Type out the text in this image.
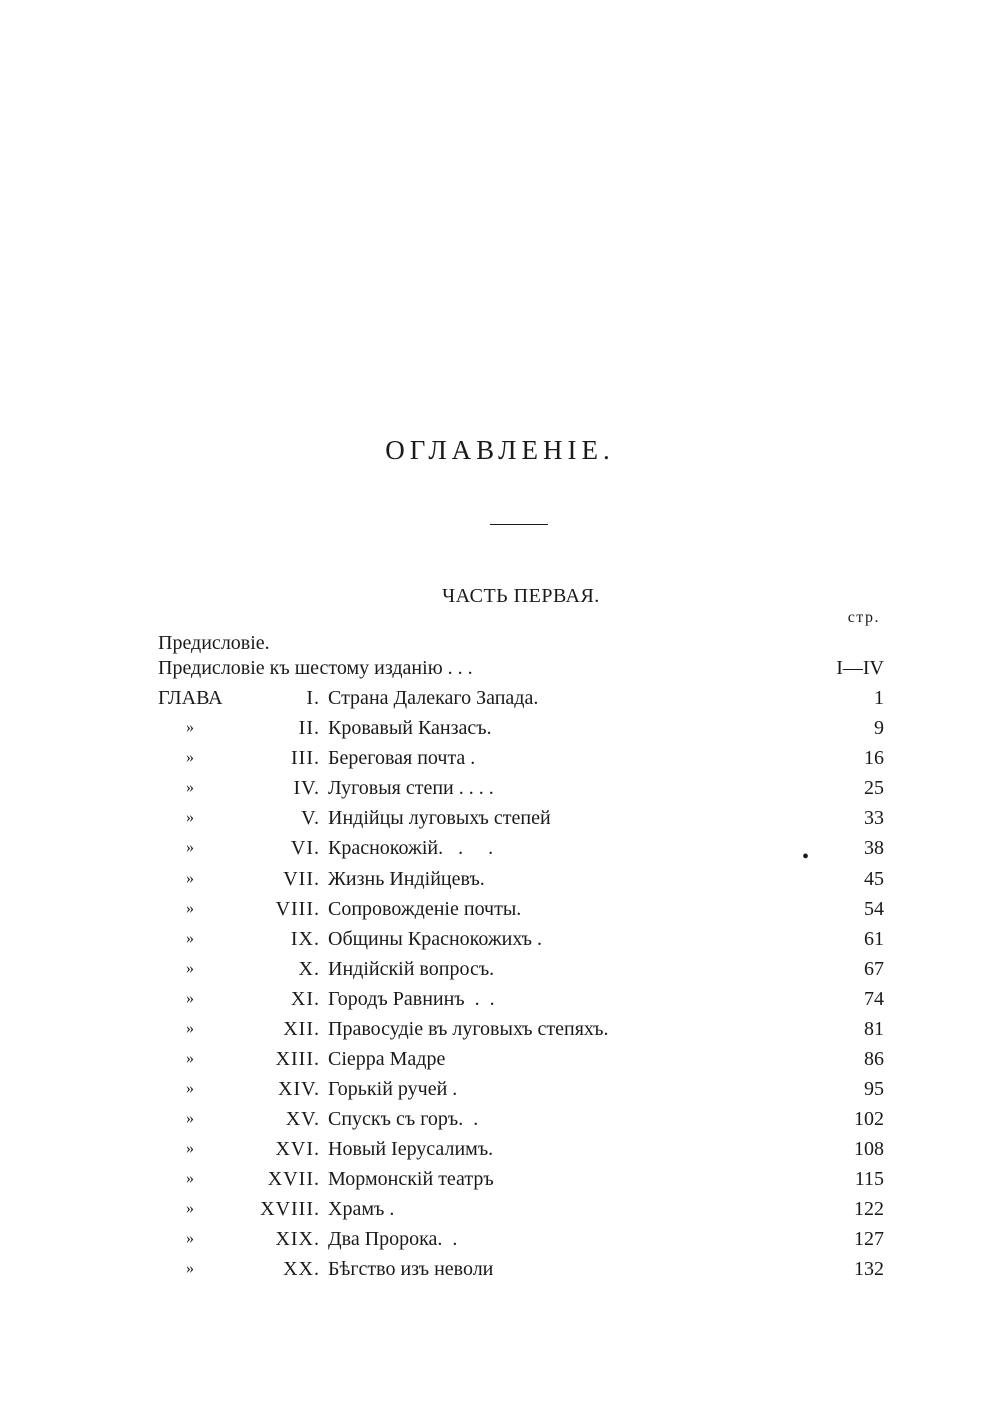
ОГЛАВЛЕНІЕ.
ЧАСТЬ ПЕРВАЯ.
стр.
Предисловіе.
Предисловіе къ шестому изданію . . .	I—IV
ГЛАВА	I. Страна Далекаго Запада.	1
»	II. Кровавый Канзасъ.	9
»	III. Береговая почта .	16
»	IV. Луговыя степи . . . .	25
»	V. Индійцы луговыхъ степей	33
»	VI. Краснокожій.   .     .	38
»	VII. Жизнь Индійцевъ.	45
»	VIII. Сопровожденіе почты.	54
»	IX. Общины Краснокожихъ .	61
»	X. Индійскій вопросъ.	67
»	XI. Городъ Равнинъ  .  .	74
»	XII. Правосудіе въ луговыхъ степяхъ.	81
»	XIII. Сіерра Мадре	86
»	XIV. Горькій ручей .	95
»	XV. Спускъ съ горъ.  .	102
»	XVI. Новый Іерусалимъ.	108
»	XVII. Мормонскій театръ	115
»	XVIII. Храмъ .	122
»	XIX. Два Пророка.  .	127
»	XX. Бѣгство изъ неволи	132
•
